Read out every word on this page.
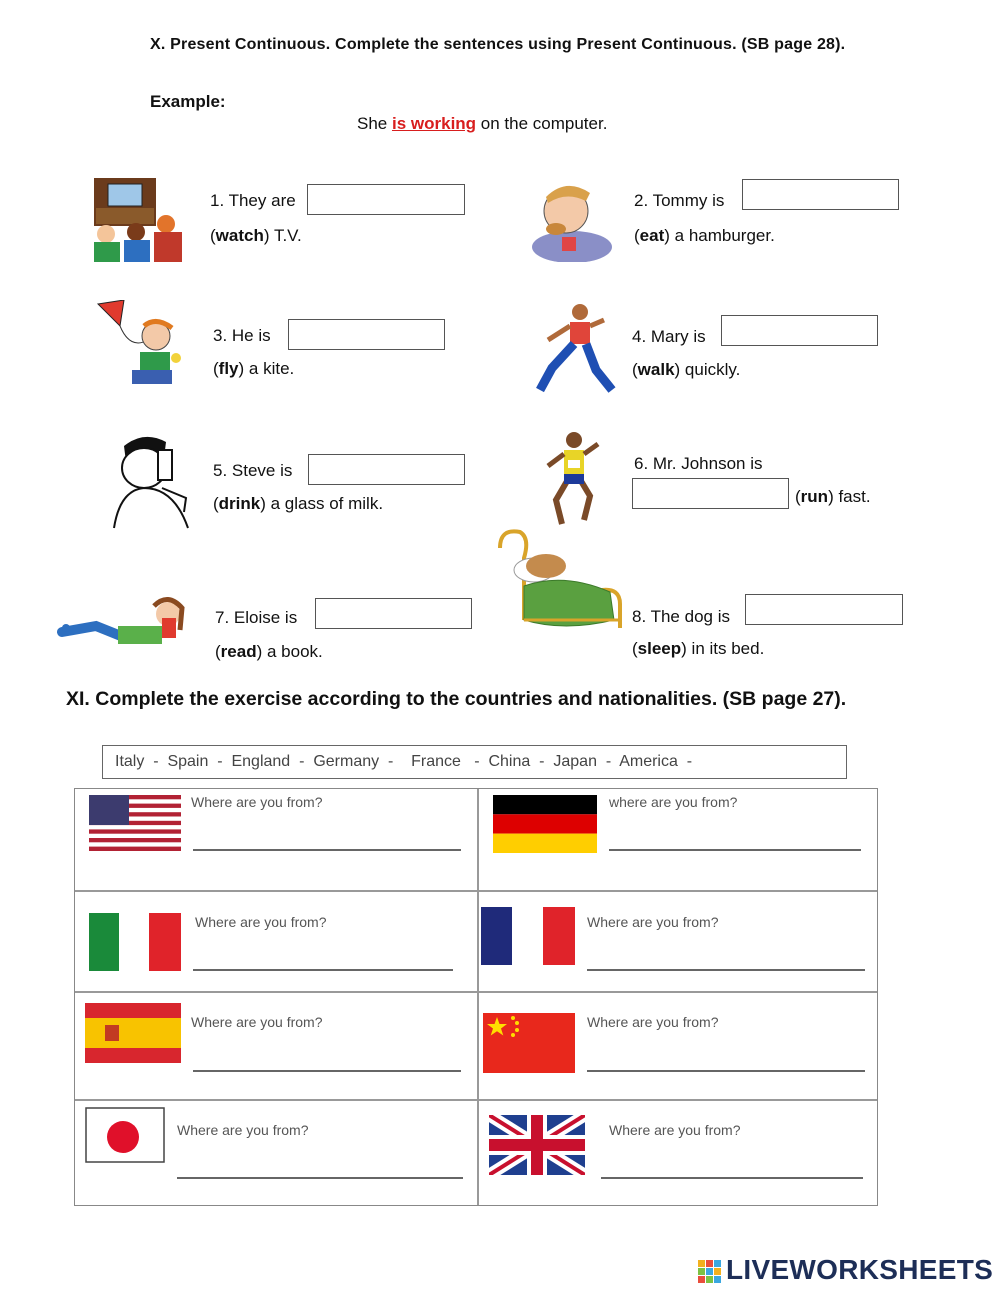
X. Present Continuous. Complete the sentences using Present Continuous. (SB page 28).
Example:
She is working on the computer.
1. They are
(watch) T.V.
2. Tommy is
(eat) a hamburger.
3. He is
(fly) a kite.
4. Mary is
(walk) quickly.
5. Steve is
(drink) a glass of milk.
6. Mr. Johnson is
(run) fast.
7. Eloise is
(read) a book.
8. The dog is
(sleep) in its bed.
XI. Complete the exercise according to the countries and nationalities. (SB page 27).
Italy  -  Spain  -  England  -  Germany  -    France   -  China  -  Japan  -  America  -
Where are you from?	where are you from?
Where are you from?	Where are you from?
Where are you from?	Where are you from?
Where are you from?	Where are you from?
LIVEWORKSHEETS
